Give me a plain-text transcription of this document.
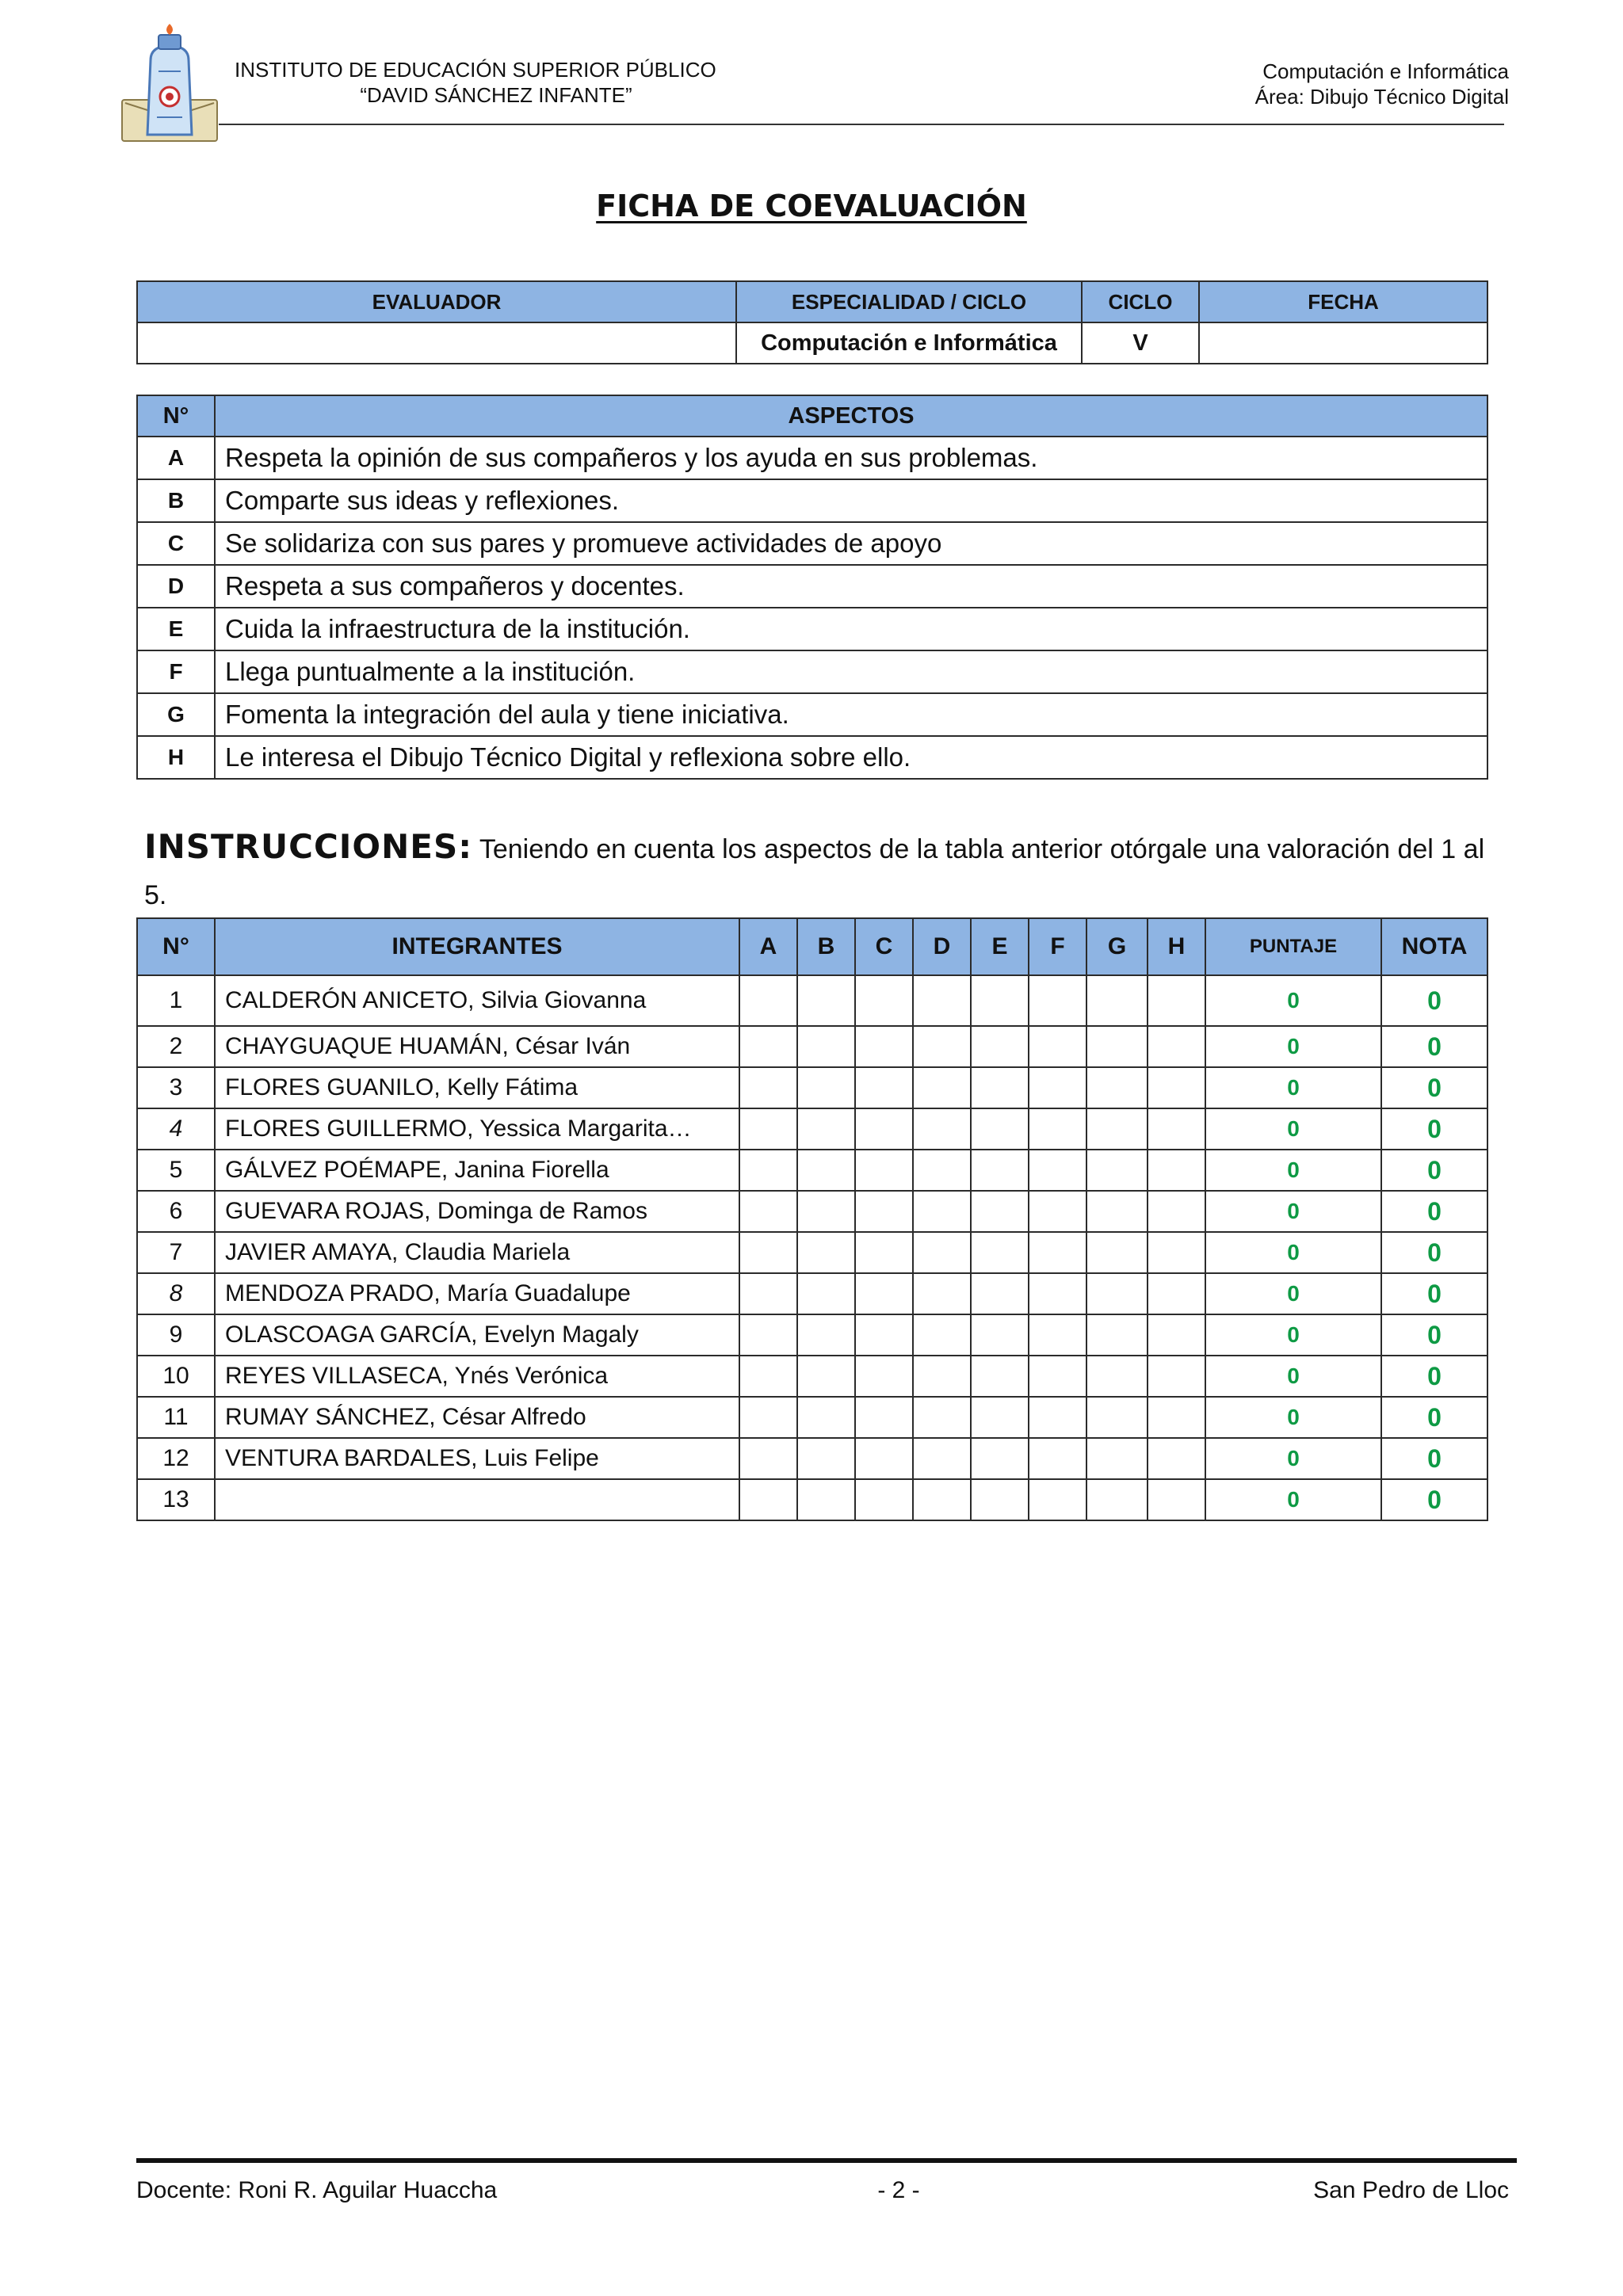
INSTITUTO DE EDUCACIÓN SUPERIOR PÚBLICO
“DAVID SÁNCHEZ INFANTE”
Computación e Informática
Área: Dibujo Técnico Digital
FICHA DE COEVALUACIÓN
EVALUADOR	ESPECIALIDAD / CICLO	CICLO	FECHA
	Computación e Informática	V	
N°	ASPECTOS
A	Respeta la opinión de sus compañeros y los ayuda en sus problemas.
B	Comparte sus ideas y reflexiones.
C	Se solidariza con sus pares y promueve actividades de apoyo
D	Respeta a sus compañeros y docentes.
E	Cuida la infraestructura de la institución.
F	Llega puntualmente a la institución.
G	Fomenta la integración del aula y tiene iniciativa.
H	Le interesa el Dibujo Técnico Digital y reflexiona sobre ello.
INSTRUCCIONES: Teniendo en cuenta los aspectos de la tabla anterior otórgale una valoración del 1 al 5.
N°	INTEGRANTES	A	B	C	D	E	F	G	H	PUNTAJE	NOTA
1	CALDERÓN ANICETO, Silvia Giovanna									0	0
2	CHAYGUAQUE HUAMÁN, César Iván									0	0
3	FLORES GUANILO, Kelly Fátima									0	0
4	FLORES GUILLERMO, Yessica Margarita…									0	0
5	GÁLVEZ POÉMAPE, Janina Fiorella									0	0
6	GUEVARA ROJAS, Dominga de Ramos									0	0
7	JAVIER AMAYA, Claudia Mariela									0	0
8	MENDOZA PRADO, María Guadalupe									0	0
9	OLASCOAGA GARCÍA, Evelyn Magaly									0	0
10	REYES VILLASECA, Ynés Verónica									0	0
11	RUMAY SÁNCHEZ, César Alfredo									0	0
12	VENTURA BARDALES, Luis Felipe									0	0
13										0	0
Docente: Roni R. Aguilar Huaccha	- 2 -	San Pedro de Lloc
